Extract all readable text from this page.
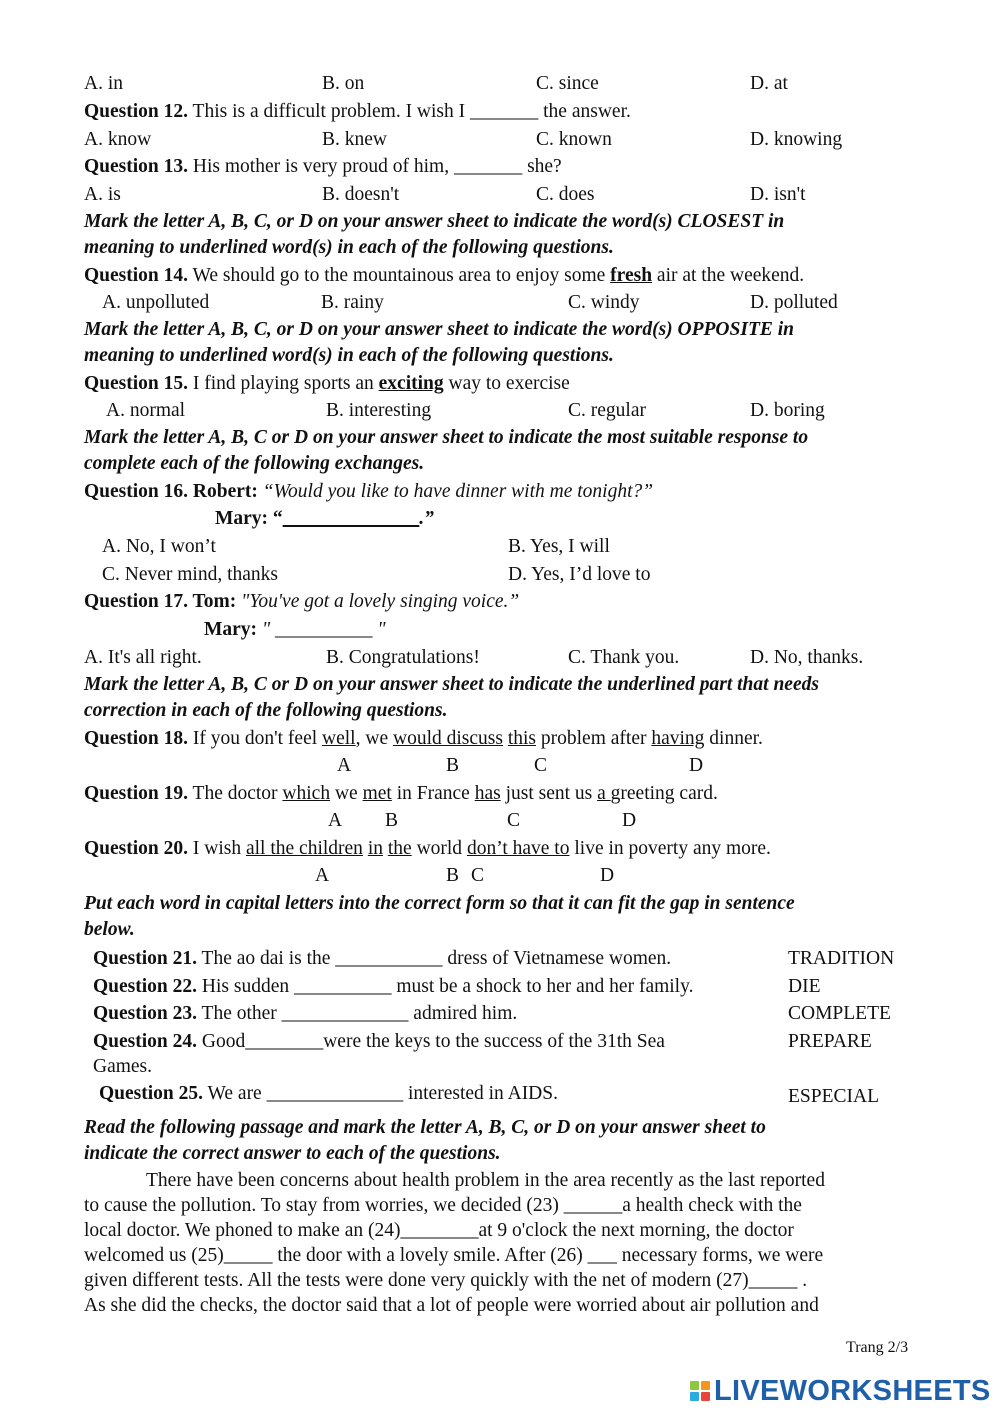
A. in	B. on	C. since	D. at
Question 12. This is a difficult problem. I wish I _______ the answer.
A. know	B. knew	C. known	D. knowing
Question 13. His mother is very proud of him, _______ she?
A. is	B. doesn't	C. does	D. isn't
Mark the letter A, B, C, or D on your answer sheet to indicate the word(s) CLOSEST in
meaning to underlined word(s) in each of the following questions.
Question 14. We should go to the mountainous area to enjoy some fresh air at the weekend.
A. unpolluted	B. rainy	C. windy	D. polluted
Mark the letter A, B, C, or D on your answer sheet to indicate the word(s) OPPOSITE in
meaning to underlined word(s) in each of the following questions.
Question 15. I find playing sports an exciting way to exercise
A. normal	B. interesting	C. regular	D. boring
Mark the letter A, B, C or D on your answer sheet to indicate the most suitable response to
complete each of the following exchanges.
Question 16. Robert: “Would you like to have dinner with me tonight?”
Mary: “______________.”
A. No, I won’t	B. Yes, I will
C. Never mind, thanks	D. Yes, I’d love to
Question 17. Tom: "You've got a lovely singing voice.”
Mary: " __________ "
A. It's all right.	B. Congratulations!	C. Thank you.	D. No, thanks.
Mark the letter A, B, C or D on your answer sheet to indicate the underlined part that needs
correction in each of the following questions.
Question 18. If you don't feel well, we would discuss this problem after having dinner.
A	B	C	D
Question 19. The doctor which we met in France has just sent us a greeting card.
A B	C	D
Question 20. I wish all the children in the world don’t have to live in poverty any more.
A	B C	D
Put each word in capital letters into the correct form so that it can fit the gap in sentence
below.
Question 21. The ao dai is the ___________ dress of Vietnamese women.	TRADITION
Question 22. His sudden __________ must be a shock to her and her family.	DIE
Question 23. The other _____________ admired him.	COMPLETE
Question 24. Good________were the keys to the success of the 31th Sea
Games.
PREPARE
Question 25. We are ______________ interested in AIDS.	ESPECIAL
Read the following passage and mark the letter A, B, C, or D on your answer sheet to
indicate the correct answer to each of the questions.
There have been concerns about health problem in the area recently as the last reported
to cause the pollution. To stay from worries, we decided (23) ______a health check with the
local doctor. We phoned to make an (24)________at 9 o'clock the next morning, the doctor
welcomed us (25)_____ the door with a lovely smile. After (26) ___ necessary forms, we were
given different tests. All the tests were done very quickly with the net of modern (27)_____ .
As she did the checks, the doctor said that a lot of people were worried about air pollution and
Trang 2/3
LIVEWORKSHEETS
